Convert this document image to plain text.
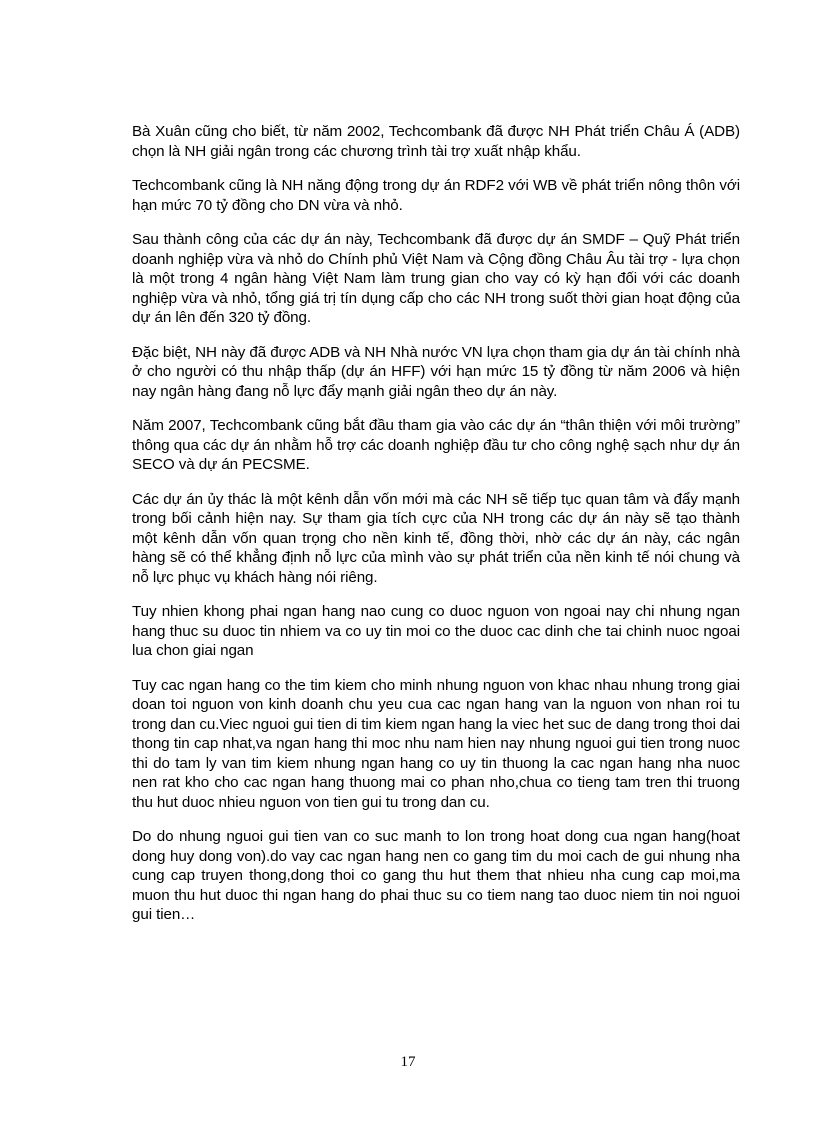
Bà Xuân cũng cho biết, từ năm 2002, Techcombank đã được NH Phát triển Châu Á (ADB) chọn là NH giải ngân trong các chương trình tài trợ xuất nhập khẩu.

Techcombank cũng là NH năng động trong dự án RDF2 với WB về phát triển nông thôn với hạn mức 70 tỷ đồng cho DN vừa và nhỏ.

Sau thành công của các dự án này, Techcombank đã được dự án SMDF – Quỹ Phát triển doanh nghiệp vừa và nhỏ do Chính phủ Việt Nam và Cộng đồng Châu Âu tài trợ - lựa chọn là một trong 4 ngân hàng Việt Nam làm trung gian cho vay có kỳ hạn đối với các doanh nghiệp vừa và nhỏ, tổng giá trị tín dụng cấp cho các NH trong suốt thời gian hoạt động của dự án lên đến 320 tỷ đồng.

Đặc biệt, NH này đã được ADB và NH Nhà nước VN lựa chọn tham gia dự án tài chính nhà ở cho người có thu nhập thấp (dự án HFF) với hạn mức 15 tỷ đồng từ năm 2006 và hiện nay ngân hàng đang nỗ lực đẩy mạnh giải ngân theo dự án này.

Năm 2007, Techcombank cũng bắt đầu tham gia vào các dự án “thân thiện với môi trường” thông qua các dự án nhằm hỗ trợ các doanh nghiệp đầu tư cho công nghệ sạch như dự án SECO và dự án PECSME.

Các dự án ủy thác là một kênh dẫn vốn mới mà các NH sẽ tiếp tục quan tâm và đẩy mạnh trong bối cảnh hiện nay. Sự tham gia tích cực của NH trong các dự án này sẽ tạo thành một kênh dẫn vốn quan trọng cho nền kinh tế, đồng thời, nhờ các dự án này, các ngân hàng sẽ có thể khẳng định nỗ lực của mình vào sự phát triển của nền kinh tế nói chung và nỗ lực phục vụ khách hàng nói riêng.

Tuy nhien khong phai ngan hang nao cung co duoc nguon von ngoai nay chi nhung ngan hang thuc su duoc tin nhiem va co uy tin moi co the duoc cac dinh che tai chinh nuoc ngoai lua chon giai ngan

Tuy cac ngan hang co the tim kiem cho minh nhung nguon von khac nhau nhung trong giai doan toi nguon von kinh doanh chu yeu cua cac ngan hang van la nguon von nhan roi tu trong dan cu.Viec nguoi gui tien di tim kiem ngan hang la viec het suc de dang trong thoi dai thong tin cap nhat,va ngan hang thi moc nhu nam hien nay nhung nguoi gui tien trong nuoc thi do tam ly van tim kiem nhung ngan hang co uy tin thuong la cac ngan hang nha nuoc nen rat kho cho cac ngan hang thuong mai co phan nho,chua co tieng tam tren thi truong thu hut duoc nhieu nguon von tien gui tu trong dan cu.

Do do nhung nguoi gui tien van co suc manh to lon trong hoat dong cua ngan hang(hoat dong huy dong von).do vay cac ngan hang nen co gang tim du moi cach de gui nhung nha cung cap truyen thong,dong thoi co gang thu hut them that nhieu nha cung cap moi,ma muon thu hut duoc thi ngan hang do phai thuc su co tiem nang tao duoc niem tin noi nguoi gui tien…

17
